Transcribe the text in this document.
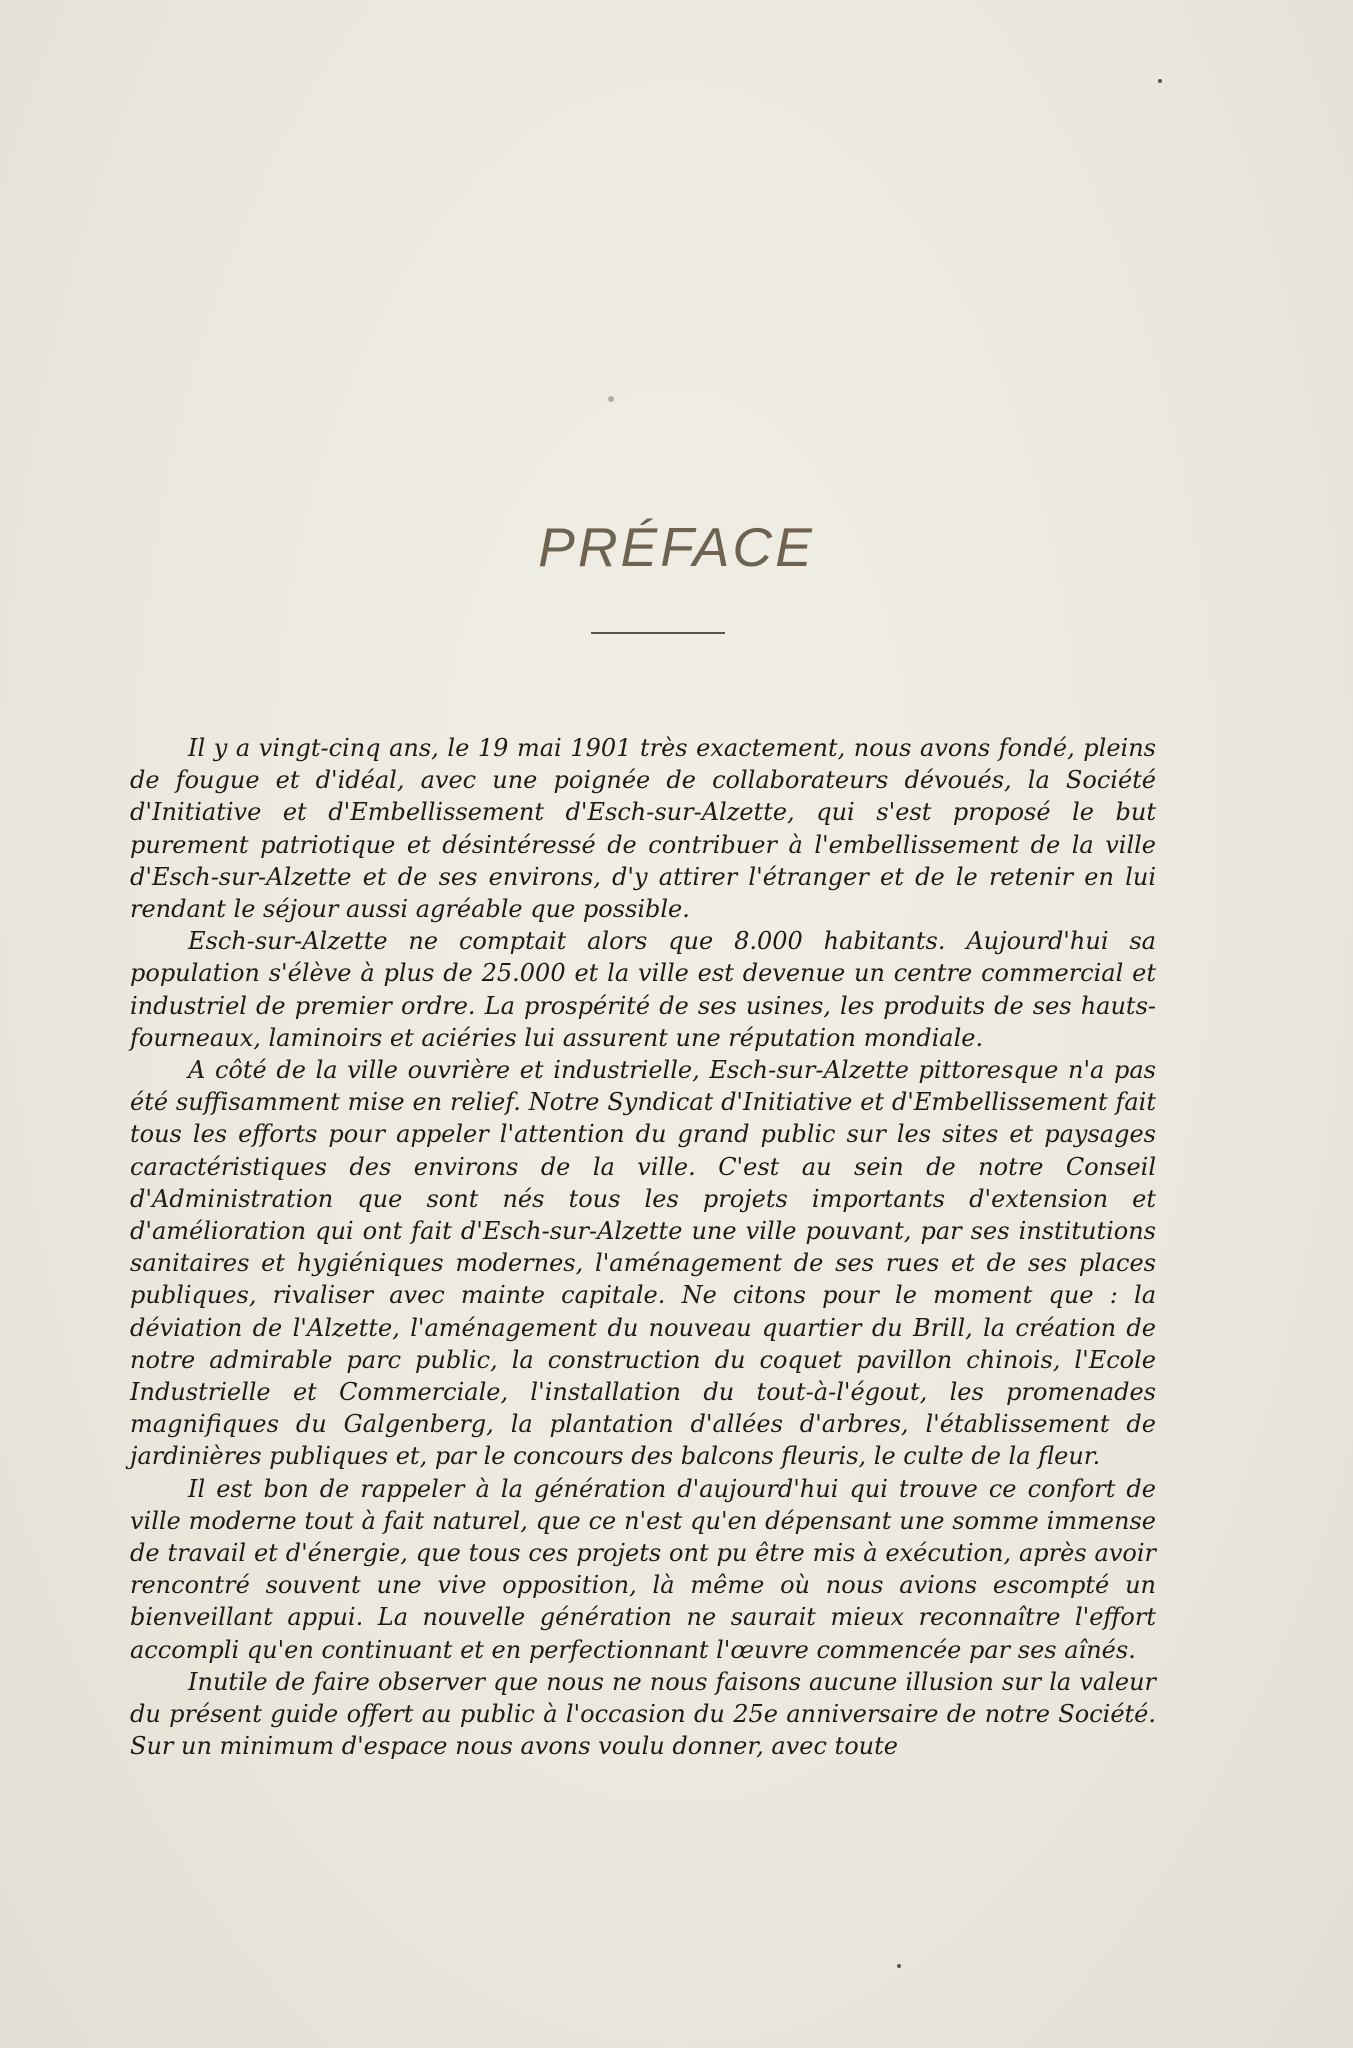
PRÉFACE

Il y a vingt-cinq ans, le 19 mai 1901 très exactement, nous avons fondé, pleins de fougue et d'idéal, avec une poignée de collaborateurs dévoués, la Société d'Initiative et d'Embellissement d'Esch-sur-Alzette, qui s'est proposé le but purement patriotique et désintéressé de contribuer à l'embellissement de la ville d'Esch-sur-Alzette et de ses environs, d'y attirer l'étranger et de le retenir en lui rendant le séjour aussi agréable que possible.

Esch-sur-Alzette ne comptait alors que 8.000 habitants. Aujourd'hui sa population s'élève à plus de 25.000 et la ville est devenue un centre commercial et industriel de premier ordre. La prospérité de ses usines, les produits de ses hauts-fourneaux, laminoirs et aciéries lui assurent une réputation mondiale.

A côté de la ville ouvrière et industrielle, Esch-sur-Alzette pittoresque n'a pas été suffisamment mise en relief. Notre Syndicat d'Initiative et d'Embellissement fait tous les efforts pour appeler l'attention du grand public sur les sites et paysages caractéristiques des environs de la ville. C'est au sein de notre Conseil d'Administration que sont nés tous les projets importants d'extension et d'amélioration qui ont fait d'Esch-sur-Alzette une ville pouvant, par ses institutions sanitaires et hygiéniques modernes, l'aménagement de ses rues et de ses places publiques, rivaliser avec mainte capitale. Ne citons pour le moment que : la déviation de l'Alzette, l'aménagement du nouveau quartier du Brill, la création de notre admirable parc public, la construction du coquet pavillon chinois, l'Ecole Industrielle et Commerciale, l'installation du tout-à-l'égout, les promenades magnifiques du Galgenberg, la plantation d'allées d'arbres, l'établissement de jardinières publiques et, par le concours des balcons fleuris, le culte de la fleur.

Il est bon de rappeler à la génération d'aujourd'hui qui trouve ce confort de ville moderne tout à fait naturel, que ce n'est qu'en dépensant une somme immense de travail et d'énergie, que tous ces projets ont pu être mis à exécution, après avoir rencontré souvent une vive opposition, là même où nous avions escompté un bienveillant appui. La nouvelle génération ne saurait mieux reconnaître l'effort accompli qu'en continuant et en perfectionnant l'œuvre commencée par ses aînés.

Inutile de faire observer que nous ne nous faisons aucune illusion sur la valeur du présent guide offert au public à l'occasion du 25e anniversaire de notre Société. Sur un minimum d'espace nous avons voulu donner, avec toute
